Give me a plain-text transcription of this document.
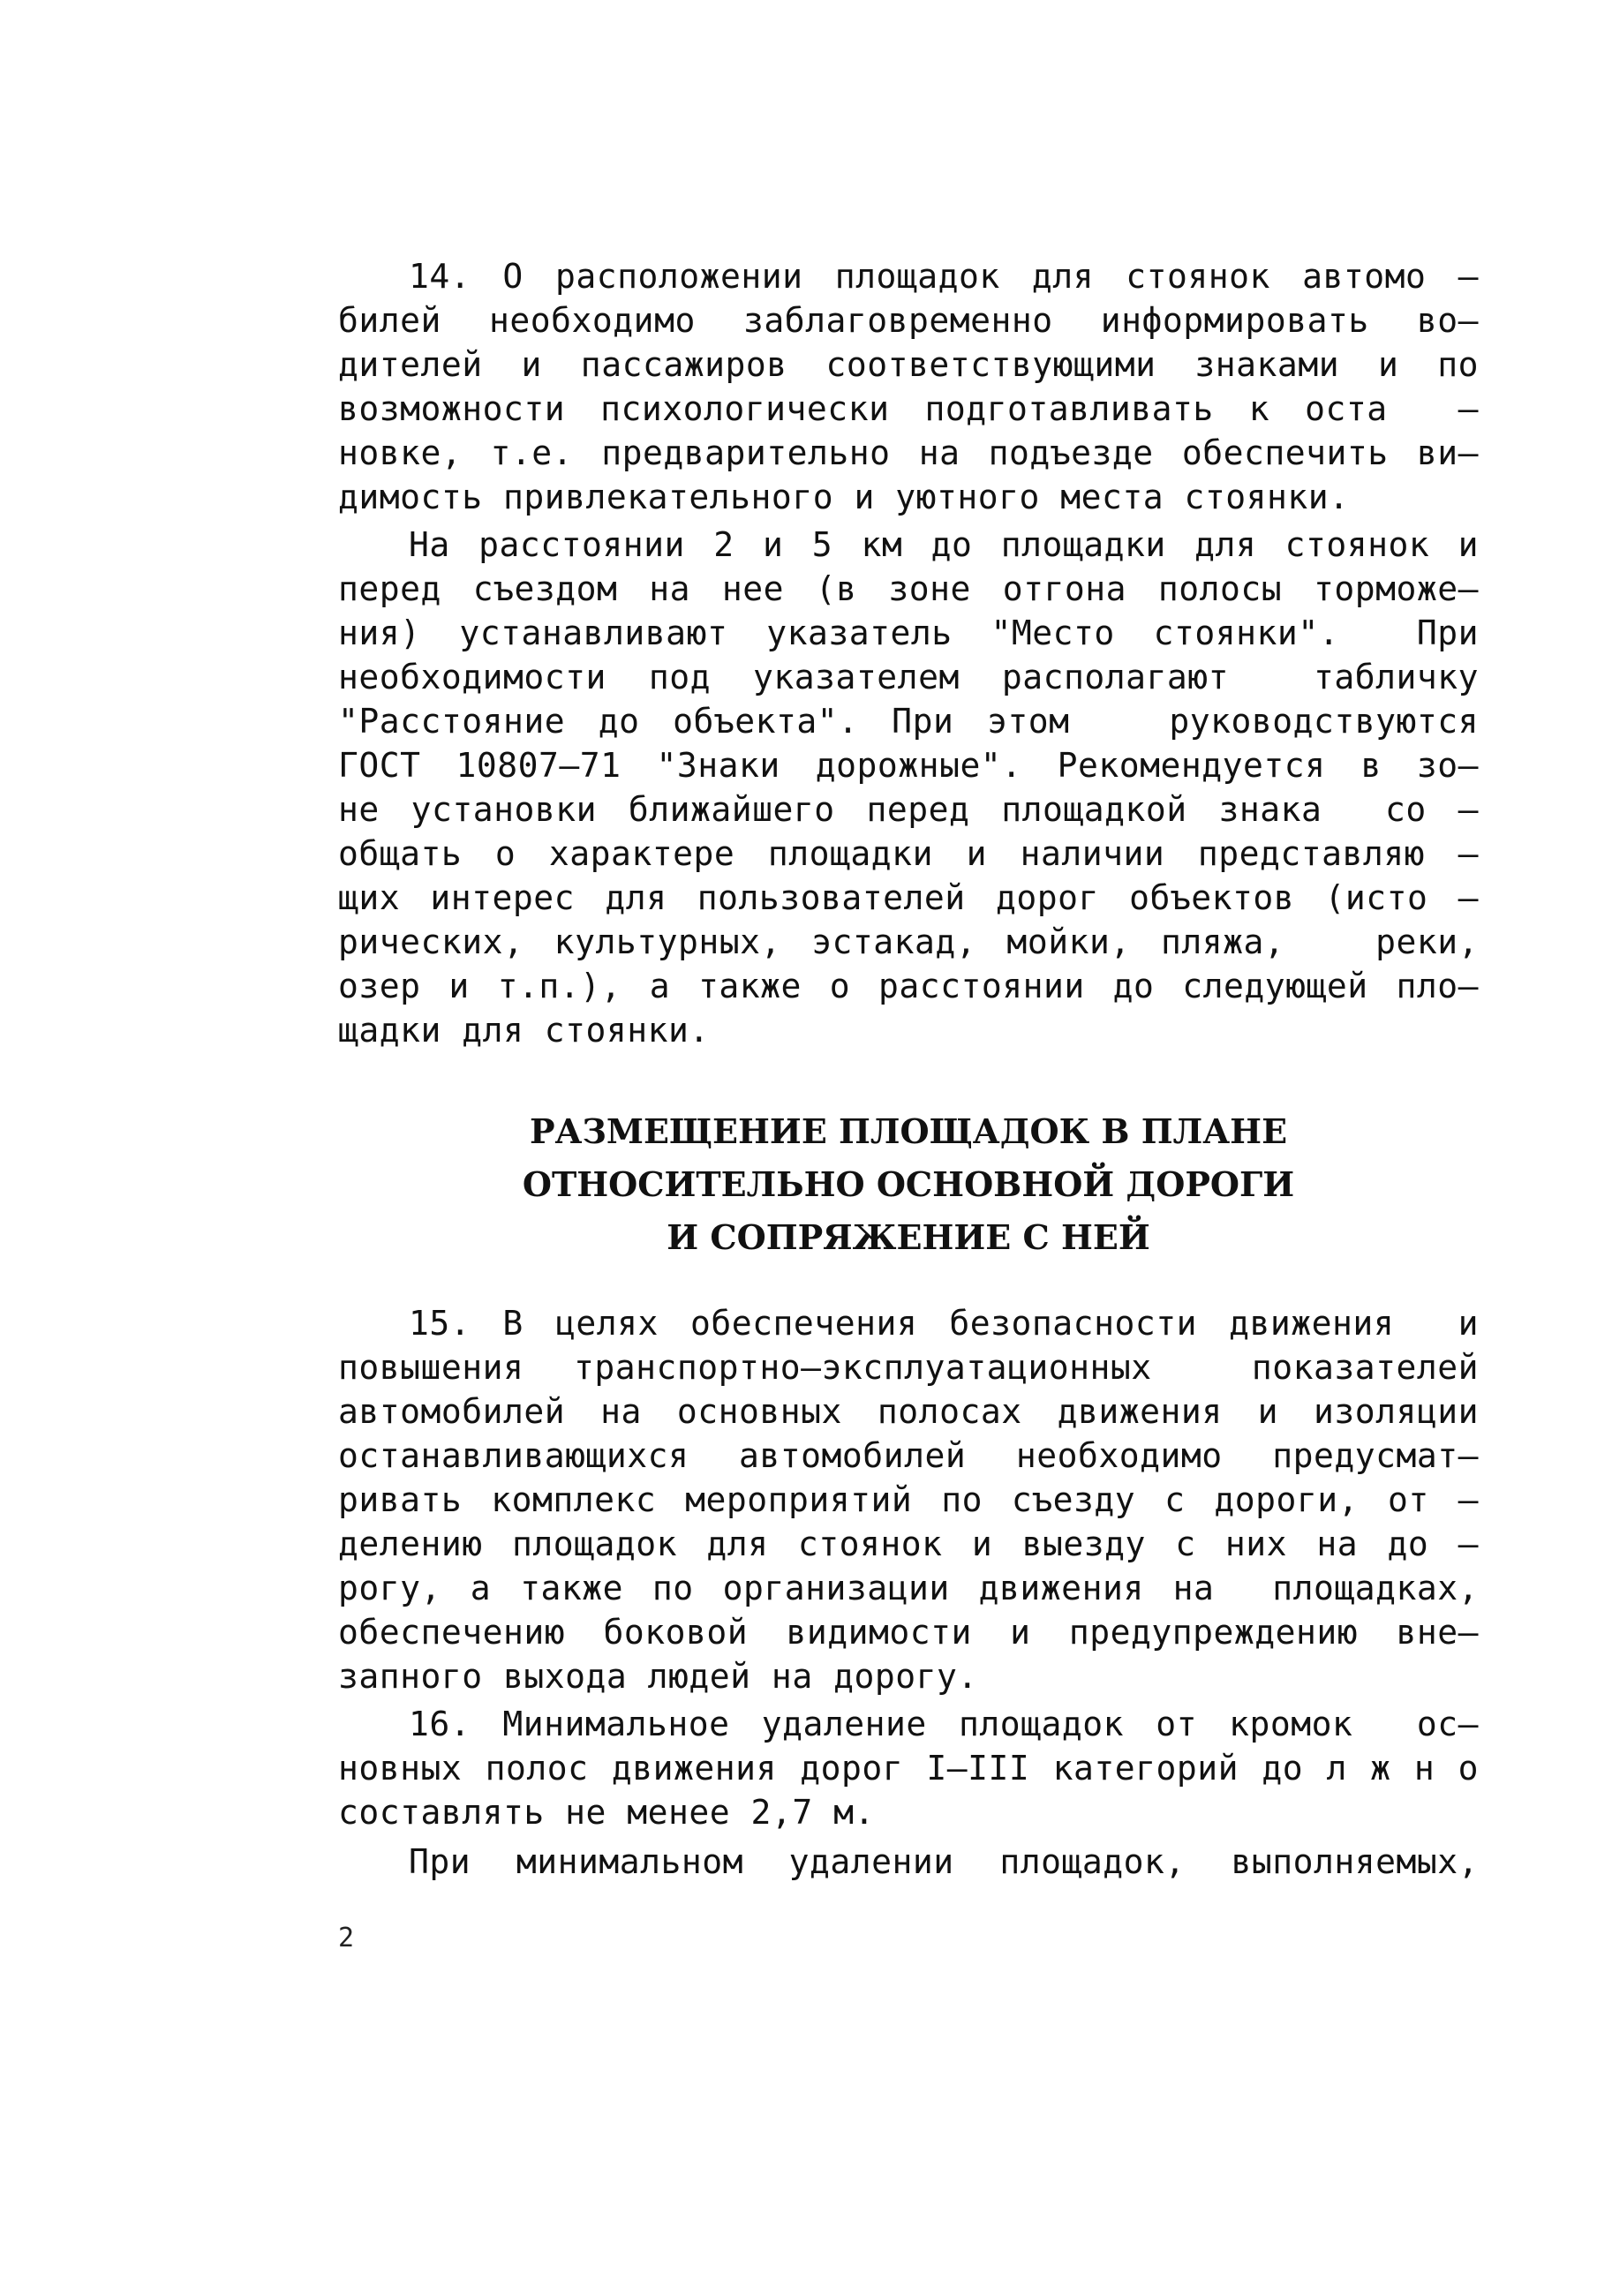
14. О расположении площадок для стоянок автомо –
билей необходимо заблаговременно информировать во–
дителей и пассажиров соответствующими знаками и по
возможности психологически подготавливать к оста  –
новке, т.е. предварительно на подъезде обеспечить ви–
димость привлекательного и уютного места стоянки.
На расстоянии 2 и 5 км до площадки для стоянок и
перед съездом на нее (в зоне отгона полосы торможе–
ния) устанавливают указатель "Место стоянки".  При
необходимости под указателем располагают  табличку
"Расстояние до объекта". При этом   руководствуются
ГОСТ 10807–71 "Знаки дорожные". Рекомендуется в зо–
не установки ближайшего перед площадкой знака  со –
общать о характере площадки и наличии представляю –
щих интерес для пользователей дорог объектов (исто –
рических, культурных, эстакад, мойки, пляжа,   реки,
озер и т.п.), а также о расстоянии до следующей пло–
щадки для стоянки.
РАЗМЕЩЕНИЕ ПЛОЩАДОК В ПЛАНЕ
ОТНОСИТЕЛЬНО ОСНОВНОЙ ДОРОГИ
И СОПРЯЖЕНИЕ С НЕЙ
15. В целях обеспечения безопасности движения  и
повышения транспортно–эксплуатационных  показателей
автомобилей на основных полосах движения и изоляции
останавливающихся автомобилей необходимо предусмат–
ривать комплекс мероприятий по съезду с дороги, от –
делению площадок для стоянок и выезду с них на до –
рогу, а также по организации движения на  площадках,
обеспечению боковой видимости и предупреждению вне–
запного выхода людей на дорогу.
16. Минимальное удаление площадок от кромок  ос–
новных полос движения дорог I–III категорий до л ж н о
составлять не менее 2,7 м.
При минимальном удалении площадок, выполняемых,
2
